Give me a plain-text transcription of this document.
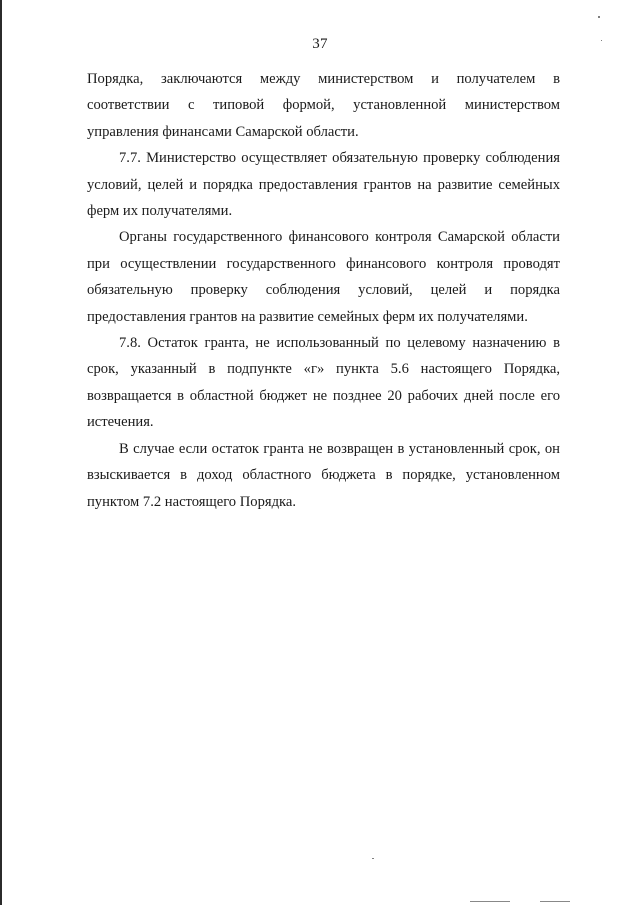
37

Порядка, заключаются между министерством и получателем в соответствии с типовой формой, установленной министерством управления финансами Самарской области.

7.7. Министерство осуществляет обязательную проверку соблюдения условий, целей и порядка предоставления грантов на развитие семейных ферм их получателями.

Органы государственного финансового контроля Самарской области при осуществлении государственного финансового контроля проводят обязательную проверку соблюдения условий, целей и порядка предоставления грантов на развитие семейных ферм их получателями.

7.8. Остаток гранта, не использованный по целевому назначению в срок, указанный в подпункте «г» пункта 5.6 настоящего Порядка, возвращается в областной бюджет не позднее 20 рабочих дней после его истечения.

В случае если остаток гранта не возвращен в установленный срок, он взыскивается в доход областного бюджета в порядке, установленном пунктом 7.2 настоящего Порядка.
